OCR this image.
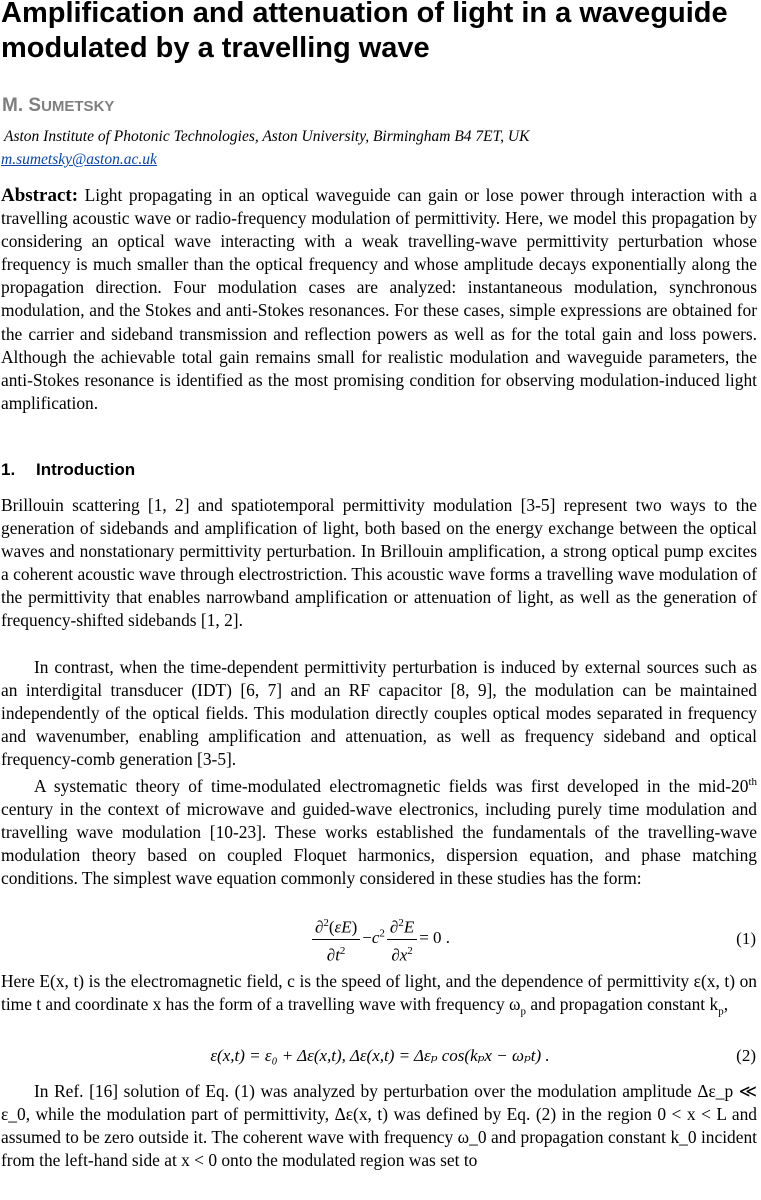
Amplification and attenuation of light in a waveguide modulated by a travelling wave
M. SUMETSKY
Aston Institute of Photonic Technologies, Aston University, Birmingham B4 7ET, UK
m.sumetsky@aston.ac.uk

Abstract: Light propagating in an optical waveguide can gain or lose power through interaction with a travelling acoustic wave or radio-frequency modulation of permittivity. Here, we model this propagation by considering an optical wave interacting with a weak travelling-wave permittivity perturbation whose frequency is much smaller than the optical frequency and whose amplitude decays exponentially along the propagation direction. Four modulation cases are analyzed: instantaneous modulation, synchronous modulation, and the Stokes and anti-Stokes resonances. For these cases, simple expressions are obtained for the carrier and sideband transmission and reflection powers as well as for the total gain and loss powers. Although the achievable total gain remains small for realistic modulation and waveguide parameters, the anti-Stokes resonance is identified as the most promising condition for observing modulation-induced light amplification.

1. Introduction

Brillouin scattering [1, 2] and spatiotemporal permittivity modulation [3-5] represent two ways to the generation of sidebands and amplification of light, both based on the energy exchange between the optical waves and nonstationary permittivity perturbation. In Brillouin amplification, a strong optical pump excites a coherent acoustic wave through electrostriction. This acoustic wave forms a travelling wave modulation of the permittivity that enables narrowband amplification or attenuation of light, as well as the generation of frequency-shifted sidebands [1, 2].

In contrast, when the time-dependent permittivity perturbation is induced by external sources such as an interdigital transducer (IDT) [6, 7] and an RF capacitor [8, 9], the modulation can be maintained independently of the optical fields. This modulation directly couples optical modes separated in frequency and wavenumber, enabling amplification and attenuation, as well as frequency sideband and optical frequency-comb generation [3-5].

A systematic theory of time-modulated electromagnetic fields was first developed in the mid-20th century in the context of microwave and guided-wave electronics, including purely time modulation and travelling wave modulation [10-23]. These works established the fundamentals of the travelling-wave modulation theory based on coupled Floquet harmonics, dispersion equation, and phase matching conditions. The simplest wave equation commonly considered in these studies has the form:

$\frac{\partial^2(\varepsilon E)}{\partial t^2} -c^2 \frac{\partial^2E}{\partial x^2} = 0$ .	(1)

Here E(x, t) is the electromagnetic field, c is the speed of light, and the dependence of permittivity ε(x, t) on time t and coordinate x has the form of a travelling wave with frequency $\omega_p$ and propagation constant $k_p$,

ε(x,t) = ε₀ + Δε(x,t), Δε(x,t) = Δεₚ cos(kₚx − ωₚt) .	(2)

In Ref. [16] solution of Eq. (1) was analyzed by perturbation over the modulation amplitude Δε_p ≪ ε_0, while the modulation part of permittivity, Δε(x, t) was defined by Eq. (2) in the region 0 < x < L and assumed to be zero outside it. The coherent wave with frequency ω_0 and propagation constant k_0 incident from the left-hand side at x < 0 onto the modulated region was set to
